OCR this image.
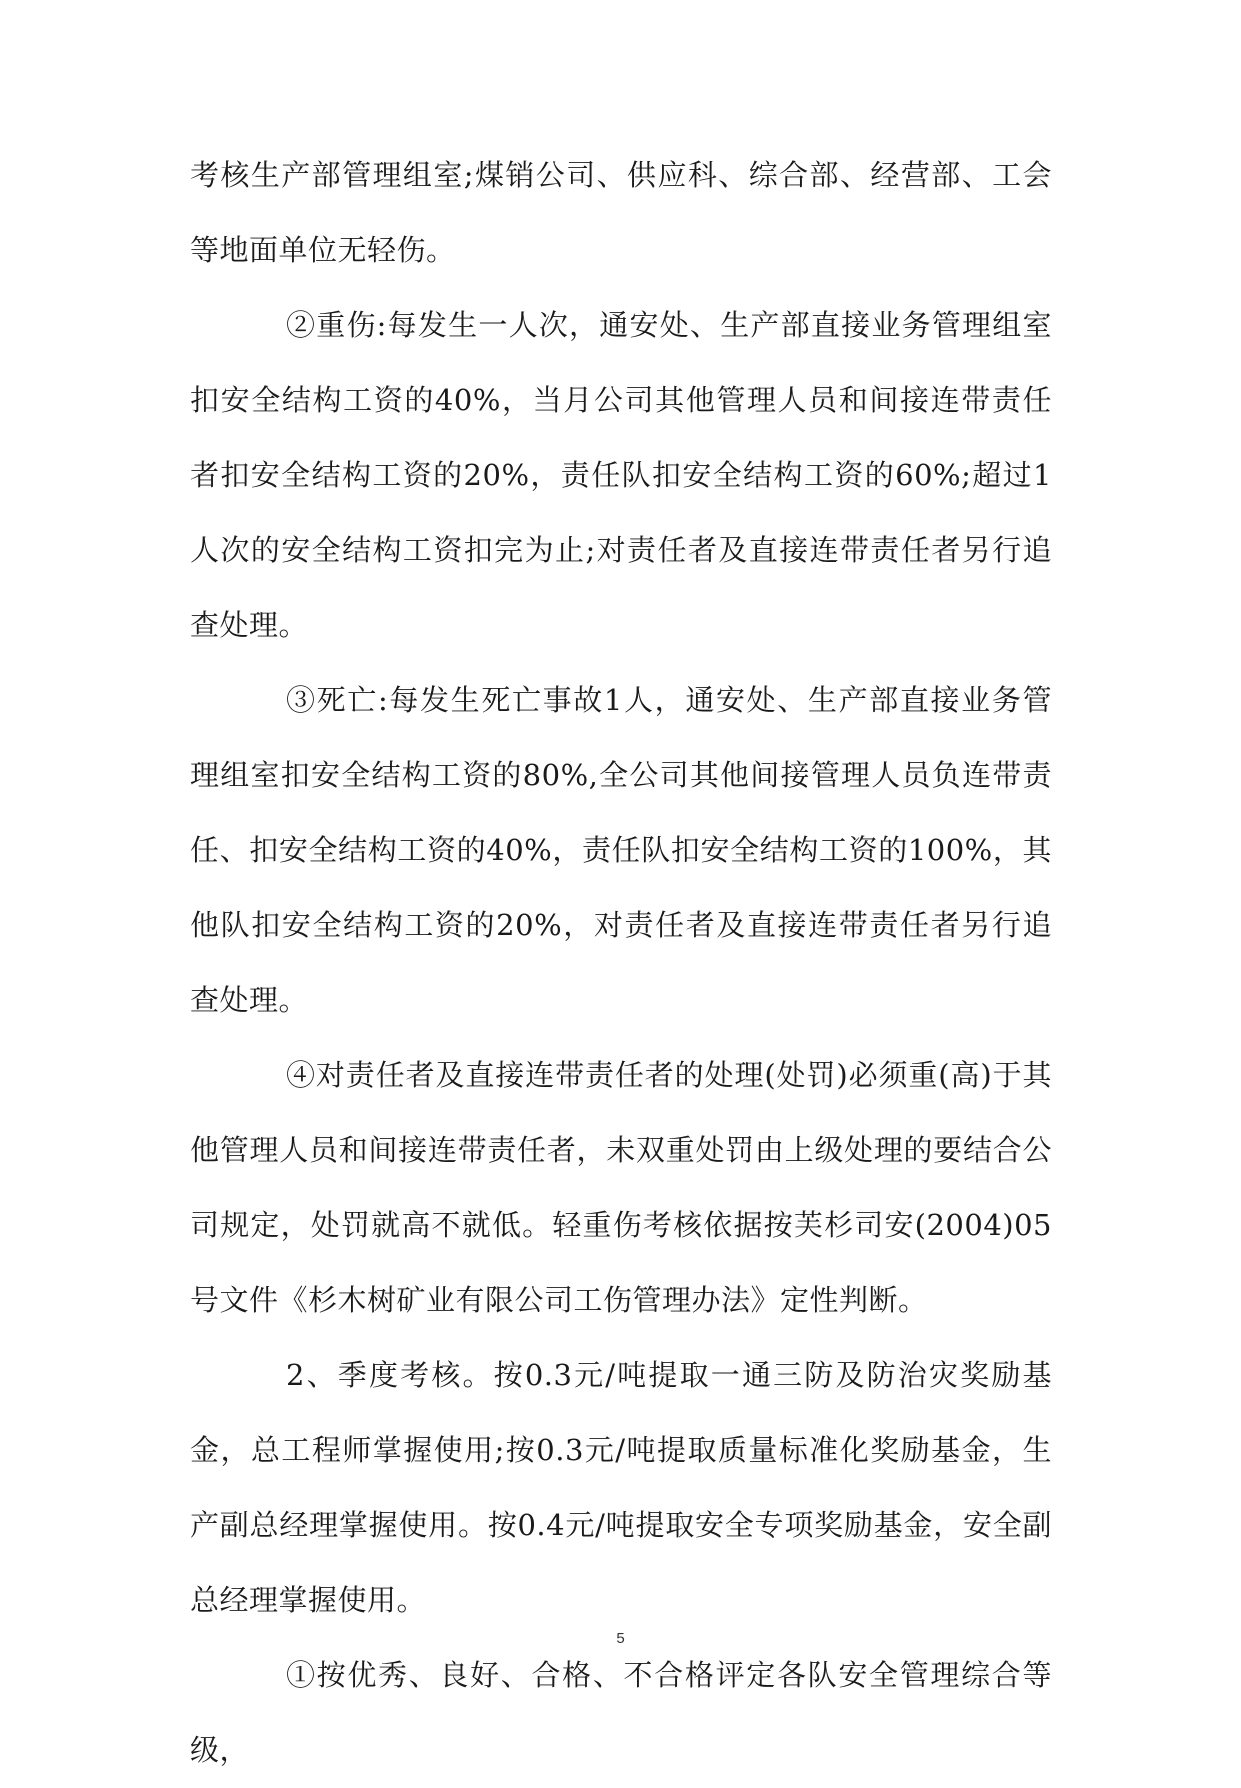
考核生产部管理组室;煤销公司、供应科、综合部、经营部、工会等地面单位无轻伤。

②重伤:每发生一人次，通安处、生产部直接业务管理组室扣安全结构工资的40%，当月公司其他管理人员和间接连带责任者扣安全结构工资的20%，责任队扣安全结构工资的60%;超过1人次的安全结构工资扣完为止;对责任者及直接连带责任者另行追查处理。

③死亡:每发生死亡事故1人，通安处、生产部直接业务管理组室扣安全结构工资的80%,全公司其他间接管理人员负连带责任、扣安全结构工资的40%，责任队扣安全结构工资的100%，其他队扣安全结构工资的20%，对责任者及直接连带责任者另行追查处理。

④对责任者及直接连带责任者的处理(处罚)必须重(高)于其他管理人员和间接连带责任者，未双重处罚由上级处理的要结合公司规定，处罚就高不就低。轻重伤考核依据按芙杉司安(2004)05号文件《杉木树矿业有限公司工伤管理办法》定性判断。

2、季度考核。按0.3元/吨提取一通三防及防治灾奖励基金，总工程师掌握使用;按0.3元/吨提取质量标准化奖励基金，生产副总经理掌握使用。按0.4元/吨提取安全专项奖励基金，安全副总经理掌握使用。

①按优秀、良好、合格、不合格评定各队安全管理综合等级，

5
